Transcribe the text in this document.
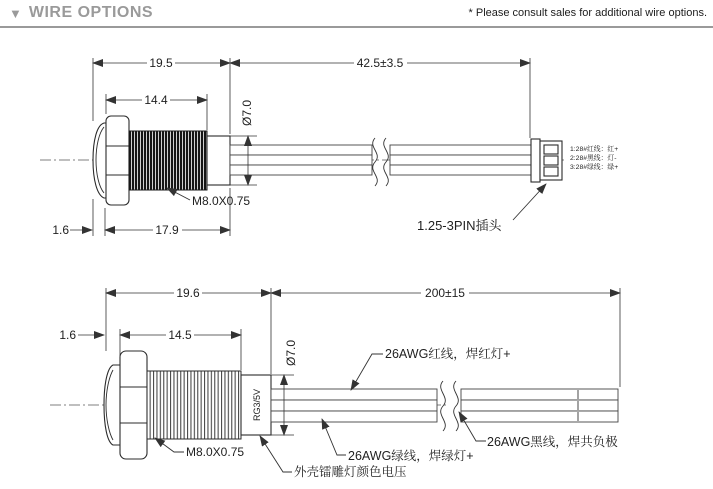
▼ WIRE OPTIONS	* Please consult sales for additional wire options.
19.5	42.5±3.5
14.4	Ø7.0
1.6	17.9
M8.0X0.75
1:28#红线：红+
2:28#黑线：灯-
3:28#绿线：绿+
1.25-3PIN插头
RG3/5V
19.6	200±15
1.6	14.5
Ø7.0
M8.0X0.75
26AWG红线，焊红灯+
26AWG黑线，焊共负极
26AWG绿线，焊绿灯+
外壳镭雕灯颜色电压
